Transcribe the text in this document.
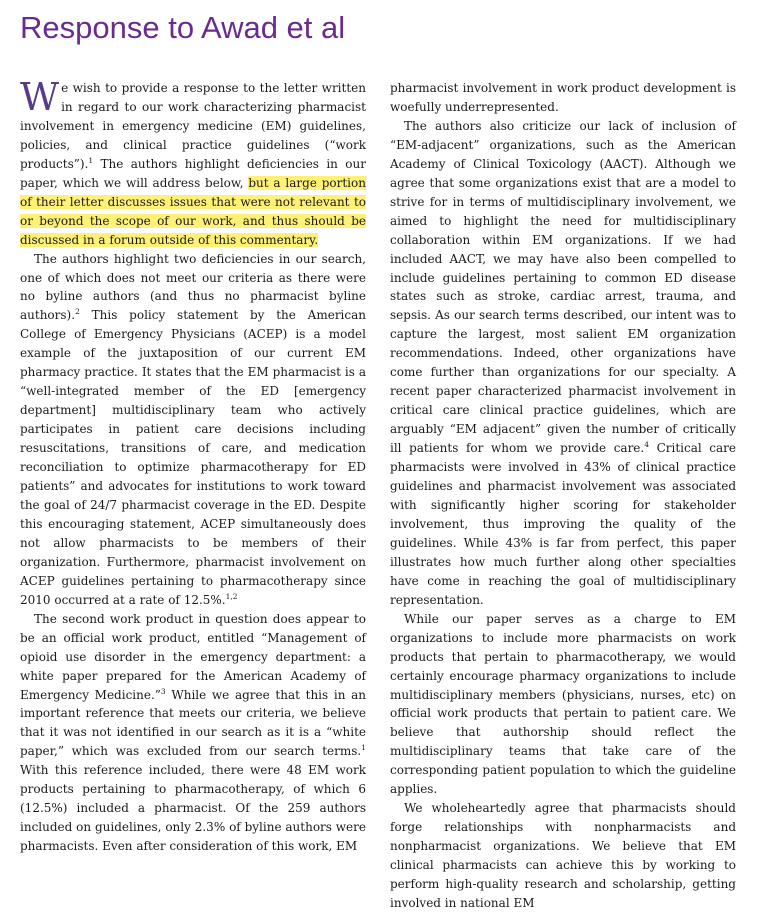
Response to Awad et al

We wish to provide a response to the letter written in regard to our work characterizing pharmacist involvement in emergency medicine (EM) guidelines, policies, and clinical practice guidelines (“work products”).$^1$ The authors highlight deficiencies in our paper, which we will address below, but a large portion of their letter discusses issues that were not relevant to or beyond the scope of our work, and thus should be discussed in a forum outside of this commentary.

The authors highlight two deficiencies in our search, one of which does not meet our criteria as there were no byline authors (and thus no pharmacist byline authors).$^2$ This policy statement by the American College of Emergency Physicians (ACEP) is a model example of the juxtaposition of our current EM pharmacy practice. It states that the EM pharmacist is a “well-integrated member of the ED [emergency department] multidisciplinary team who actively participates in patient care decisions including resuscitations, transitions of care, and medication reconciliation to optimize pharmacotherapy for ED patients” and advocates for institutions to work toward the goal of 24/7 pharmacist coverage in the ED. Despite this encouraging statement, ACEP simultaneously does not allow pharmacists to be members of their organization. Furthermore, pharmacist involvement on ACEP guidelines pertaining to pharmacotherapy since 2010 occurred at a rate of 12.5%.$^{1,2}$

The second work product in question does appear to be an official work product, entitled “Management of opioid use disorder in the emergency department: a white paper prepared for the American Academy of Emergency Medicine.”$^3$ While we agree that this in an important reference that meets our criteria, we believe that it was not identified in our search as it is a “white paper,” which was excluded from our search terms.$^1$ With this reference included, there were 48 EM work products pertaining to pharmacotherapy, of which 6 (12.5%) included a pharmacist. Of the 259 authors included on guidelines, only 2.3% of byline authors were pharmacists. Even after consideration of this work, EM

pharmacist involvement in work product development is woefully underrepresented.

The authors also criticize our lack of inclusion of “EM-adjacent” organizations, such as the American Academy of Clinical Toxicology (AACT). Although we agree that some organizations exist that are a model to strive for in terms of multidisciplinary involvement, we aimed to highlight the need for multidisciplinary collaboration within EM organizations. If we had included AACT, we may have also been compelled to include guidelines pertaining to common ED disease states such as stroke, cardiac arrest, trauma, and sepsis. As our search terms described, our intent was to capture the largest, most salient EM organization recommendations. Indeed, other organizations have come further than organizations for our specialty. A recent paper characterized pharmacist involvement in critical care clinical practice guidelines, which are arguably “EM adjacent” given the number of critically ill patients for whom we provide care.$^4$ Critical care pharmacists were involved in 43% of clinical practice guidelines and pharmacist involvement was associated with significantly higher scoring for stakeholder involvement, thus improving the quality of the guidelines. While 43% is far from perfect, this paper illustrates how much further along other specialties have come in reaching the goal of multidisciplinary representation.

While our paper serves as a charge to EM organizations to include more pharmacists on work products that pertain to pharmacotherapy, we would certainly encourage pharmacy organizations to include multidisciplinary members (physicians, nurses, etc) on official work products that pertain to patient care. We believe that authorship should reflect the multidisciplinary teams that take care of the corresponding patient population to which the guideline applies.

We wholeheartedly agree that pharmacists should forge relationships with nonpharmacists and nonpharmacist organizations. We believe that EM clinical pharmacists can achieve this by working to perform high-quality research and scholarship, getting involved in national EM
